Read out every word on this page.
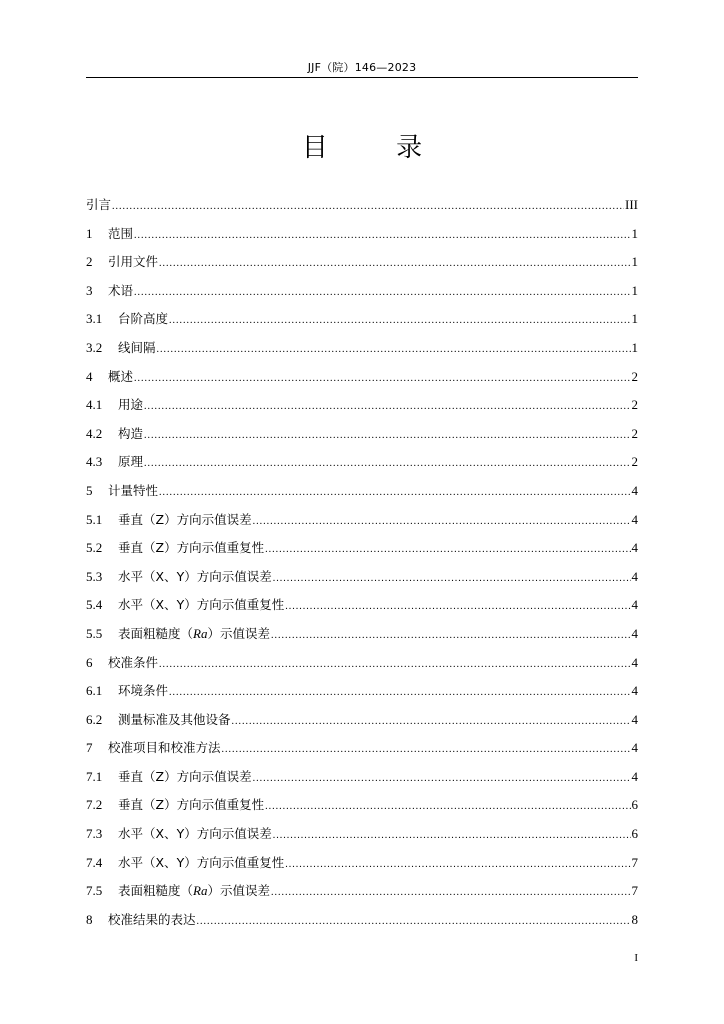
JJF（院）146—2023
目 录
引言 .....	III
1	范围 .....	1
2	引用文件 .....	1
3	术语 .....	1
3.1	台阶高度 .....	1
3.2	线间隔 .....	1
4	概述 .....	2
4.1	用途 .....	2
4.2	构造 .....	2
4.3	原理 .....	2
5	计量特性 .....	4
5.1	垂直（Z）方向示值误差 .....	4
5.2	垂直（Z）方向示值重复性 .....	4
5.3	水平（X、Y）方向示值误差 .....	4
5.4	水平（X、Y）方向示值重复性 .....	4
5.5	表面粗糙度（Ra）示值误差 .....	4
6	校准条件 .....	4
6.1	环境条件 .....	4
6.2	测量标准及其他设备 .....	4
7	校准项目和校准方法 .....	4
7.1	垂直（Z）方向示值误差 .....	4
7.2	垂直（Z）方向示值重复性 .....	6
7.3	水平（X、Y）方向示值误差 .....	6
7.4	水平（X、Y）方向示值重复性 .....	7
7.5	表面粗糙度（Ra）示值误差 .....	7
8	校准结果的表达 .....	8
I
